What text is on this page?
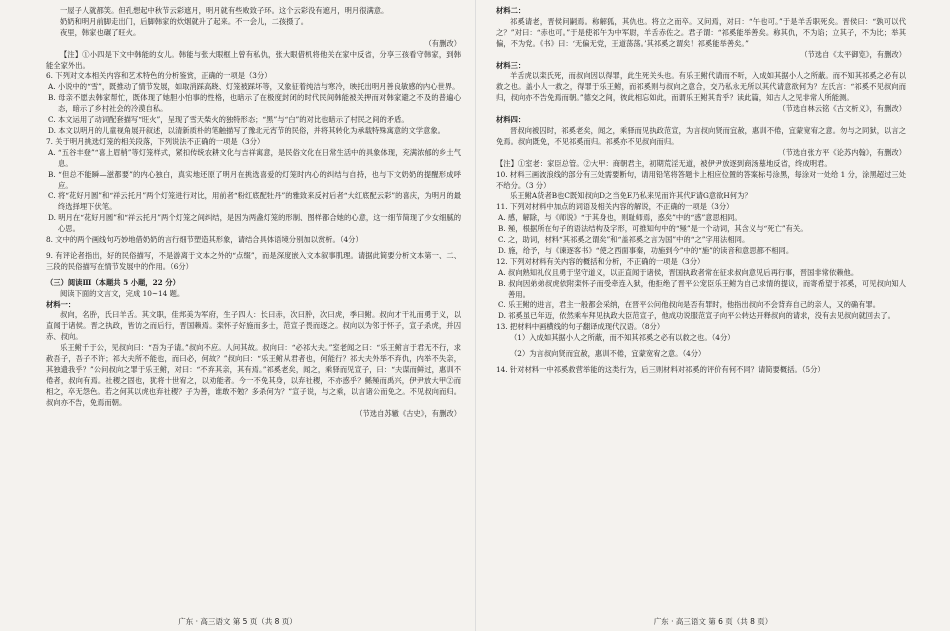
一屋子人就都笑。但孔想起中秋节云彩遮月，明月就有些败致子环。这个云彩没有遮月，明月很满意。

奶奶和明月前脚走出门，后脚韩家的炊烟就升了起来。不一会儿，二孩摄了。

夜里，韩家也碾了旺火。

（有删改）

【注】①小四是下文中韩能的女儿。韩能与张大眼框上曾有私仇，张大眼借机将他关在家中反省，分享三孩看守韩家，到韩能全家外出。

6. 下列对文本相关内容和艺术特色的分析鉴赏，正确的一项是（3分）

A. 小说中的“雪”，既推动了情节发展，如取消踩高跷、灯笼被踩坏等，又象征着纯洁与寒冷，映托出明月善良敏感的内心世界。

B. 母亲不愿去韩家帮忙，既体现了她胆小怕事的性格，也暗示了在极度封闭的时代民间韩能被关押而对韩家避之不及的普遍心态，暗示了乡村社会的冷漠自私。

C. 本文运用了动词配套描写“旺火”，呈现了雪天柴火的独特形态；“黑”与“白”的对比也暗示了村民之间的矛盾。

D. 本文以明月的儿童视角展开叙述，以清新质朴的笔触描写了豫北元宵节的民俗，并将其转化为承载特殊寓意的文学意象。

7. 关于明月挑选灯笼的相关段落，下列说法不正确的一项是（3分）

A. “五谷丰登”“喜上眉梢”等灯笼样式，紧扣传统农耕文化与吉祥寓意，是民俗文化在日常生活中的具象体现，充满浓郁的乡土气息。

B. “但总不能瞬—滋都要”的内心独白，真实地还原了明月在挑选喜爱的灯笼时内心的纠结与自持，也与下文奶奶的提醒形成呼应。

C. 将“花好月圆”和“祥云托月”两个灯笼进行对比，用前者“粉红底配牡丹”的雅致来反衬后者“大红底配云彩”的喜庆，为明月的最终选择埋下伏笔。

D. 明月在“花好月圆”和“祥云托月”两个灯笼之间纠结，是因为两盏灯笼的形制、图样都合她的心意，这一细节简现了少女细腻的心思。

8. 文中的两个画线句巧妙地借奶奶的言行细节塑造其形象，请结合具体语境分别加以赏析。（4分）

9. 有评论者指出，好的民俗描写，不是游离于文本之外的“点缀”，而是深度嵌入文本叙事肌理。请据此简要分析文本第一、二、三段的民俗描写在情节发展中的作用。（6分）

（三）阅读Ⅲ（本题共 5 小题，22 分）

阅读下面的文言文，完成 10~14 题。

材料一：

叔向，名肸，氏曰羊舌。其文职，佳邦美为军府，生子四人：长曰赤，次曰肸，次曰虎，季曰鲋。叔向才干礼而勇于义，以直闻于诸侯。晋之执政，皆访之而后行，晋国赖焉。栾怀子好施而多士，范宣子畏而逐之。叔向以为邻于怀子，宣子杀虎，并囚赤、叔向。

乐王鲋千于公，见叔向曰：“吾为子请。”叔向不应。人问其故。叔向曰：“必祁大夫。”室老闻之曰：“乐王鲋言于君无不行，求赦吾子，吾子不许；祁大夫所不能也，而曰必，何故？”叔向曰：“乐王鲋从君者也，何能行？祁大夫外举不弃仇，内举不失亲，其独遗我乎？”公问叔向之罪于乐王鲋，对曰：“不弃其亲，其有焉。”祁奚老矣，闻之，乘驿而见宣子，曰：“夫谋而鲜过，惠训不倦者，叔向有焉。社稷之固也，犹将十世宥之，以劝能者。今一不免其身，以弃社稷，不亦惑乎？鲧殛而禹兴，伊尹放大甲②而相之，卒无怨色。若之何其以虎也弃社稷？子为善，谁敢不勉？多杀何为？”宣子说，与之乘，以言诸公而免之。不见叔向而归。叔向亦不告，免焉而朝。

（节选自苏辙《古史》，有删改）

广东 · 高三语文 第 5 页（共 8 页）

材料二：

祁奚请老，晋侯问嗣焉。称解狐，其仇也。将立之而卒。又问焉，对曰：“午也可。”于是羊舌职死矣。晋侯曰：“孰可以代之？”对曰：“赤也可。”于是使祁午为中军尉，羊舌赤佐之。君子谓：“祁奚能举善矣。称其仇，不为谄；立其子，不为比；举其偏，不为党。《书》曰：‘无偏无党，王道荡荡。’其祁奚之谓矣！祁奚能举善矣。”

（节选自《太平御览》，有删改）

材料三：

羊舌虎以栾氏死，而叔向因以得罪，此生死关头也。有乐王鲋代请而不听，入成如其据小人之所蔽。而不知其祁奚之必有以救之也。盖小人一救之，得罪于乐王鲋，而祁奚则与叔向之意合，交乃私永无所以其代请意欲何为？左氏言：“祁奚不见叔向而归，叔向亦不告免焉而朝。”德交之间，彼此相忘如此，而谓乐王鲋其肯乎？读此篇，知古人之见非常人所能测。

（节选自林云铭《古文析义》，有删改）

材料四：

晋叔向被囚时，祁奚老矣，闻之，乘驿而见执政范宣，为言叔向贤而宜赦，惠训不倦，宜蒙宽宥之意。勿与之同狱，以言之免焉。叔向既免，不见祁奚而归。祁奚亦不见叔向而归。

（节选自张方平《论苏内翰》，有删改）

【注】①室老：家臣总管。②大甲：商朝君主，初期荒淫无道，被伊尹放逐到商汤墓地反省，终成明君。

10. 材料三画波浪线的部分有三处需要断句，请用铅笔将答题卡上相应位置的答案标号涂黑，每涂对一处给 1 分，涂黑超过三处不给分。（3 分）

乐王鲋A货者B也C既知叔向D之当免E乃私来见而许其代F请G意欲H何为？

11. 下列对材料中加点的词语及相关内容的解说，不正确的一项是（3分）

A. 感，解除，与《师说》“于其身也，则耻师焉，惑矣”中的“惑”意思相同。

B. 殛，根据所在句子的语法结构及字形，可推知句中的“殛”是一个动词，其含义与“死亡”有关。

C. 之，助词，材料“其祁奚之谓矣”和“盖祁奚之言为国”中的“之”字用法相同。

D. 施，给予，与《谏逐客书》“使之西面事秦，功施到今”中的“施”的读音和意思都不相同。

12. 下列对材料有关内容的概括和分析，不正确的一项是（3分）

A. 叔向熟知礼仪且勇于坚守道义，以正直闻于诸侯，晋国执政者常在征求叔向意见后再行事，晋国非常依赖他。

B. 叔向因弟弟叔虎依附栾怀子而受牵连入狱，他拒绝了晋平公宠臣乐王鲋为自己求情的提议，而寄希望于祁奚，可见叔向知人善用。

C. 乐王鲋的进言，君主一般都会采纳，在晋平公问他叔向是否有罪时，他指出叔向不会背弃自己的亲人，又的确有罪。

D. 祁奚虽已年迈，依然乘车拜见执政大臣范宣子，他成功说服范宣子向平公转达开释叔向的请求，没有去见叔向就回去了。

13. 把材料中画横线的句子翻译成现代汉语。（8分）

（1）入成如其据小人之所蔽，而不知其祁奚之必有以救之也。（4分）

（2）为言叔向贤而宜赦，惠训不倦，宜蒙宽宥之意。（4分）

14. 针对材料一中祁奚救营举能的这类行为，后三则材料对祁奚的评价有何不同？请简要概括。（5分）

广东 · 高三语文 第 6 页（共 8 页）
